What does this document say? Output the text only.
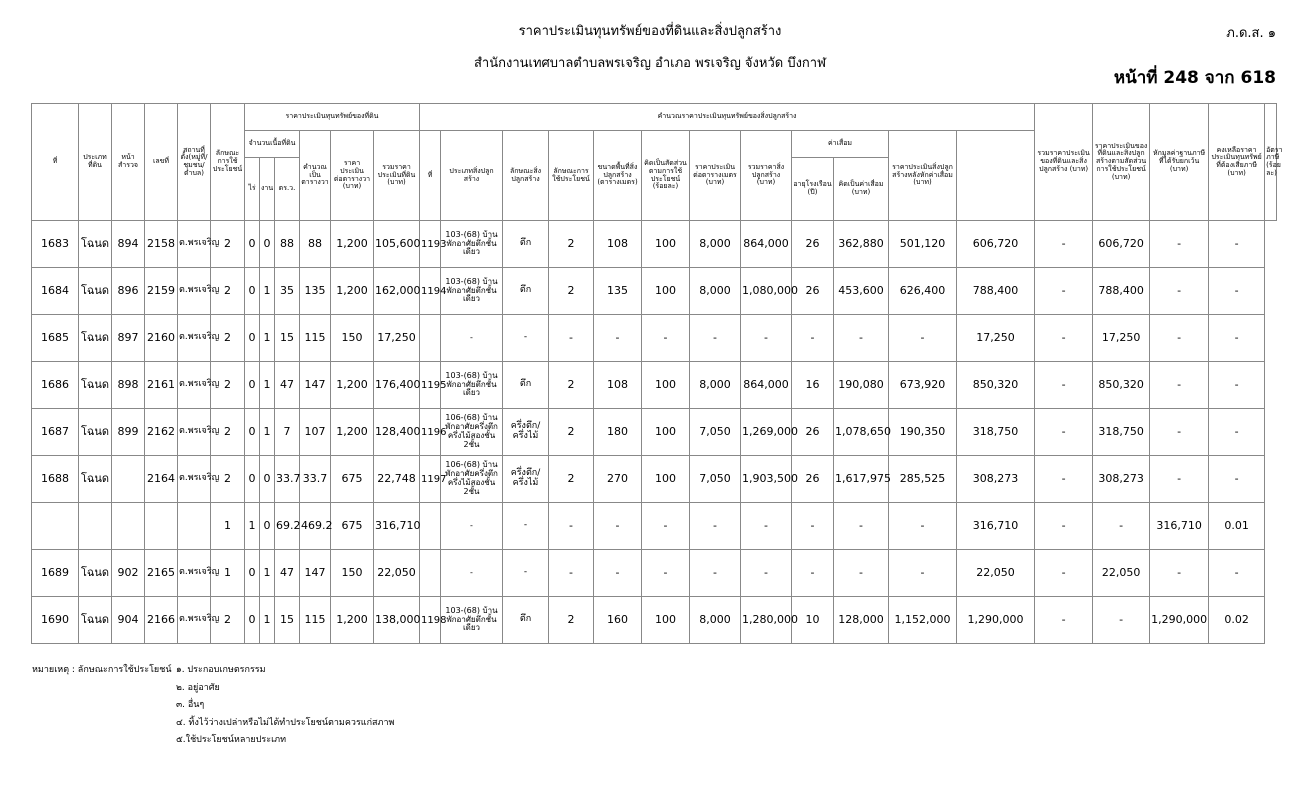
ราคาประเมินทุนทรัพย์ของที่ดินและสิ่งปลูกสร้าง
สำนักงานเทศบาลตำบลพรเจริญ อำเภอ พรเจริญ จังหวัด บึงกาฬ
ภ.ด.ส. ๑
หน้าที่ 248 จาก 618
ที่	ประเภทที่ดิน	หน้าสำรวจ	เลขที่	สถานที่ตั้ง(หมู่ที่/ชุมชน/ตำบล)	ลักษณะการใช้ประโยชน์	ราคาประเมินทุนทรัพย์ของที่ดิน						คำนวณราคาประเมินทุนทรัพย์ของสิ่งปลูกสร้าง												รวมราคาประเมินของที่ดินและสิ่งปลูกสร้าง (บาท)	ราคาประเมินของที่ดินและสิ่งปลูกสร้างตามสัดส่วนการใช้ประโยชน์ (บาท)	หักมูลค่าฐานภาษีที่ได้รับยกเว้น (บาท)	คงเหลือราคาประเมินทุนทรัพย์ที่ต้องเสียภาษี (บาท)	อัตราภาษี (ร้อยละ)
						จำนวนเนื้อที่ดิน			คำนวณเป็นตารางวา	ราคาประเมินต่อตารางวา (บาท)	รวมราคาประเมินที่ดิน (บาท)	ที่	ประเภทสิ่งปลูกสร้าง	ลักษณะสิ่งปลูกสร้าง	ลักษณะการใช้ประโยชน์	ขนาดพื้นที่สิ่งปลูกสร้าง (ตารางเมตร)	คิดเป็นสัดส่วนตามการใช้ประโยชน์ (ร้อยละ)	ราคาประเมินต่อตารางเมตร (บาท)	รวมราคาสิ่งปลูกสร้าง (บาท)	ค่าเสื่อม		ราคาประเมินสิ่งปลูกสร้างหลังหักค่าเสื่อม (บาท)						
						ไร่	งาน	ตร.ว.												อายุโรงเรือน (ปี)	คิดเป็นค่าเสื่อม (บาท)							
1683	โฉนด	894	2158	ต.พรเจริญ	2	0	0	88	88	1,200	105,600	1193	103-(68) บ้านพักอาศัยตึกชั้นเดียว	ตึก	2	108	100	8,000	864,000	26	362,880	501,120	606,720	-	606,720	-	-	
1684	โฉนด	896	2159	ต.พรเจริญ	2	0	1	35	135	1,200	162,000	1194	103-(68) บ้านพักอาศัยตึกชั้นเดียว	ตึก	2	135	100	8,000	1,080,000	26	453,600	626,400	788,400	-	788,400	-	-	
1685	โฉนด	897	2160	ต.พรเจริญ	2	0	1	15	115	150	17,250		-	-	-	-	-	-	-	-	-	-	17,250	-	17,250	-	-	
1686	โฉนด	898	2161	ต.พรเจริญ	2	0	1	47	147	1,200	176,400	1195	103-(68) บ้านพักอาศัยตึกชั้นเดียว	ตึก	2	108	100	8,000	864,000	16	190,080	673,920	850,320	-	850,320	-	-	
1687	โฉนด	899	2162	ต.พรเจริญ	2	0	1	7	107	1,200	128,400	1196	106-(68) บ้านพักอาศัยครึ่งตึกครึ่งไม้สองชั้น 2ชั้น	ครึ่งตึก/ครึ่งไม้	2	180	100	7,050	1,269,000	26	1,078,650	190,350	318,750	-	318,750	-	-	
1688	โฉนด		2164	ต.พรเจริญ	2	0	0	33.7	33.7	675	22,748	1197	106-(68) บ้านพักอาศัยครึ่งตึกครึ่งไม้สองชั้น 2ชั้น	ครึ่งตึก/ครึ่งไม้	2	270	100	7,050	1,903,500	26	1,617,975	285,525	308,273	-	308,273	-	-	
					1	1	0	69.2	469.2	675	316,710		-	-	-	-	-	-	-	-	-	-	316,710	-	-	316,710	0.01	
1689	โฉนด	902	2165	ต.พรเจริญ	1	0	1	47	147	150	22,050		-	-	-	-	-	-	-	-	-	-	22,050	-	22,050	-	-	
1690	โฉนด	904	2166	ต.พรเจริญ	2	0	1	15	115	1,200	138,000	1198	103-(68) บ้านพักอาศัยตึกชั้นเดียว	ตึก	2	160	100	8,000	1,280,000	10	128,000	1,152,000	1,290,000	-	-	1,290,000	0.02	
หมายเหตุ : ลักษณะการใช้ประโยชน์ ๑. ประกอบเกษตรกรรม
๒. อยู่อาศัย
๓. อื่นๆ
๔. ทิ้งไว้ว่างเปล่าหรือไม่ได้ทำประโยชน์ตามควรแก่สภาพ
๕.ใช้ประโยชน์หลายประเภท
